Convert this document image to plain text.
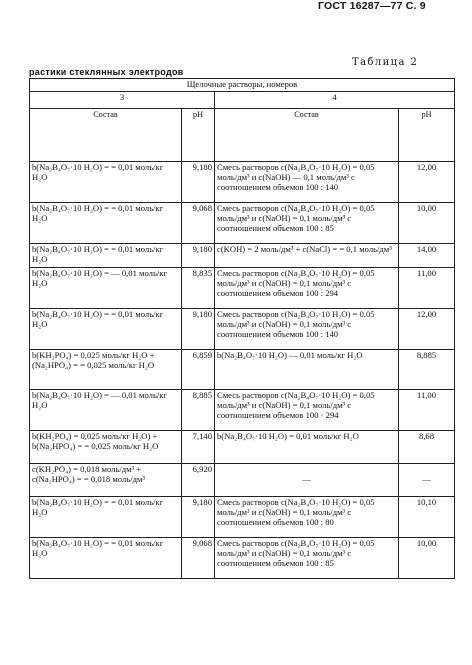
ГОСТ 16287—77 С. 9
Таблица 2
растики стеклянных электродов
Щелочные растворы, номеров			
3		4	
Состав	pH	Состав	pH
b(Na₂B₄O₇·10 H₂O) = = 0,01 моль/кг H₂O	9,180	Смесь растворов c(Na₂B₄O₇·10 H₂O) = 0,05 моль/дм³ и c(NaOH) — 0,1 моль/дм³ с соотношением объемов 100 : 140	12,00
b(Na₂B₄O₇·10 H₂O) = = 0,01 моль/кг H₂O	9,068	Смесь растворов c(Na₂B₄O₇·10 H₂O) = 0,05 моль/дм³ и c(NaOH) = 0,1 моль/дм³ с соотношением объемов 100 : 85	10,00
b(Na₂B₄O₇·10 H₂O) = = 0,01 моль/кг H₂O	9,180	c(KOH) = 2 моль/дм³ + c(NaCl) = = 0,1 моль/дм³	14,00
b(Na₂B₄O₇·10 H₂O) = — 0,01 моль/кг H₂O	8,835	Смесь растворов c(Na₂B₄O₇·10 H₂O) = 0,05 моль/дм³ и c(NaOH) = 0,1 моль/дм³ с соотношением объемов 100 : 294	11,00
b(Na₂B₄O₇·10 H₂O) = = 0,01 моль/кг H₂O	9,180	Смесь растворов c(Na₂B₄O₇·10 H₂O) = 0,05 моль/дм³ и c(NaOH) = 0,1 моль/дм³ с соотношением объемов 100 : 140	12,00
b(KH₂PO₄) = 0,025 моль/кг H₂O + (Na₂HPO₄) = = 0,025 моль/кг H₂O	6,859	b(Na₂B₄O₇·10 H₂O) — 0,01 моль/кг H₂O	8,885
b(Na₂B₄O₇·10 H₂O) = — 0,01 моль/кг H₂O	8,885	Смесь растворов c(Na₂B₄O₇·10 H₂O) = 0,05 моль/дм³ и c(NaOH) = 0,1 моль/дм³ с соотношением объемов 100 · 294	11,00
b(KH₂PO₄) = 0,025 моль/кг H₂O) + b(Na₂HPO₄) = = 0,025 моль/кг H₂O	7,140	b(Na₂B₄O₇·10 H₂O) = 0,01 моль/кг H₂O	8,68
c(KH₂PO₄) = 0,018 моль/дм³ + c(Na₂HPO₄) = = 0,018 моль/дм³	6,920	—	—
b(Na₂B₄O₇·10 H₂O) = = 0,01 моль/кг H₂O	9,180	Смесь растворов c(Na₂B₄O₇·10 H₂O) = 0,05 моль/дм³ и c(NaOH) = 0,1 моль/дм³ с соотношением объемов 100 : 80	10,10
b(Na₂B₄O₇·10 H₂O) = = 0,01 моль/кг H₂O	9,068	Смесь растворов c(Na₂B₄O₇·10 H₂O) = 0,05 моль/дм³ и c(NaOH) = 0,1 моль/дм³ с соотношением объемов 100 : 85	10,00
